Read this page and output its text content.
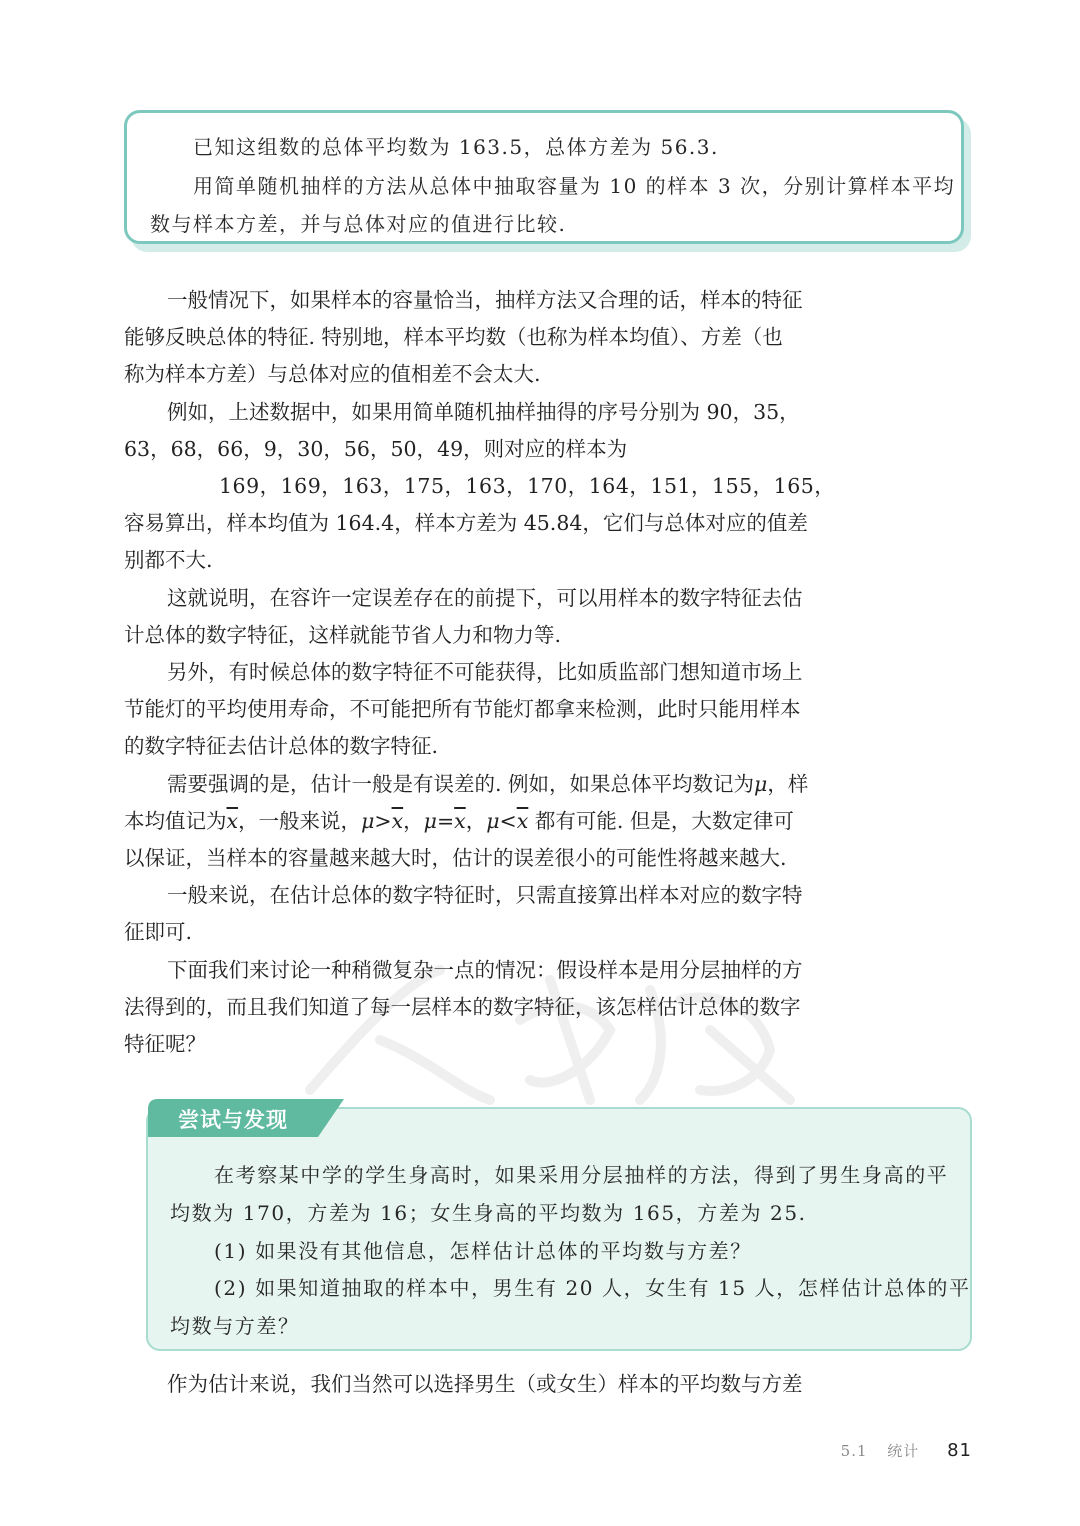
已知这组数的总体平均数为 163.5，总体方差为 56.3.

用简单随机抽样的方法从总体中抽取容量为 10 的样本 3 次，分别计算样本平均

数与样本方差，并与总体对应的值进行比较.

一般情况下，如果样本的容量恰当，抽样方法又合理的话，样本的特征

能够反映总体的特征. 特别地，样本平均数（也称为样本均值）、方差（也

称为样本方差）与总体对应的值相差不会太大.

例如，上述数据中，如果用简单随机抽样抽得的序号分别为 90，35，

63，68，66，9，30，56，50，49，则对应的样本为

169，169，163，175，163，170，164，151，155，165，

容易算出，样本均值为 164.4，样本方差为 45.84，它们与总体对应的值差

别都不大.

这就说明，在容许一定误差存在的前提下，可以用样本的数字特征去估

计总体的数字特征，这样就能节省人力和物力等.

另外，有时候总体的数字特征不可能获得，比如质监部门想知道市场上

节能灯的平均使用寿命，不可能把所有节能灯都拿来检测，此时只能用样本

的数字特征去估计总体的数字特征.

需要强调的是，估计一般是有误差的. 例如，如果总体平均数记为μ，样

本均值记为$\overline{x}$，一般来说，$\mu>\overline{x}$，$\mu=\overline{x}$，$\mu<\overline{x}$ 都有可能. 但是，大数定律可

以保证，当样本的容量越来越大时，估计的误差很小的可能性将越来越大.

一般来说，在估计总体的数字特征时，只需直接算出样本对应的数字特

征即可.

下面我们来讨论一种稍微复杂一点的情况：假设样本是用分层抽样的方

法得到的，而且我们知道了每一层样本的数字特征，该怎样估计总体的数字

特征呢？

在考察某中学的学生身高时，如果采用分层抽样的方法，得到了男生身高的平

均数为 170，方差为 16；女生身高的平均数为 165，方差为 25.

(1) 如果没有其他信息，怎样估计总体的平均数与方差？

(2) 如果知道抽取的样本中，男生有 20 人，女生有 15 人，怎样估计总体的平

均数与方差？

尝试与发现

作为估计来说，我们当然可以选择男生（或女生）样本的平均数与方差

5.1 统计 81
